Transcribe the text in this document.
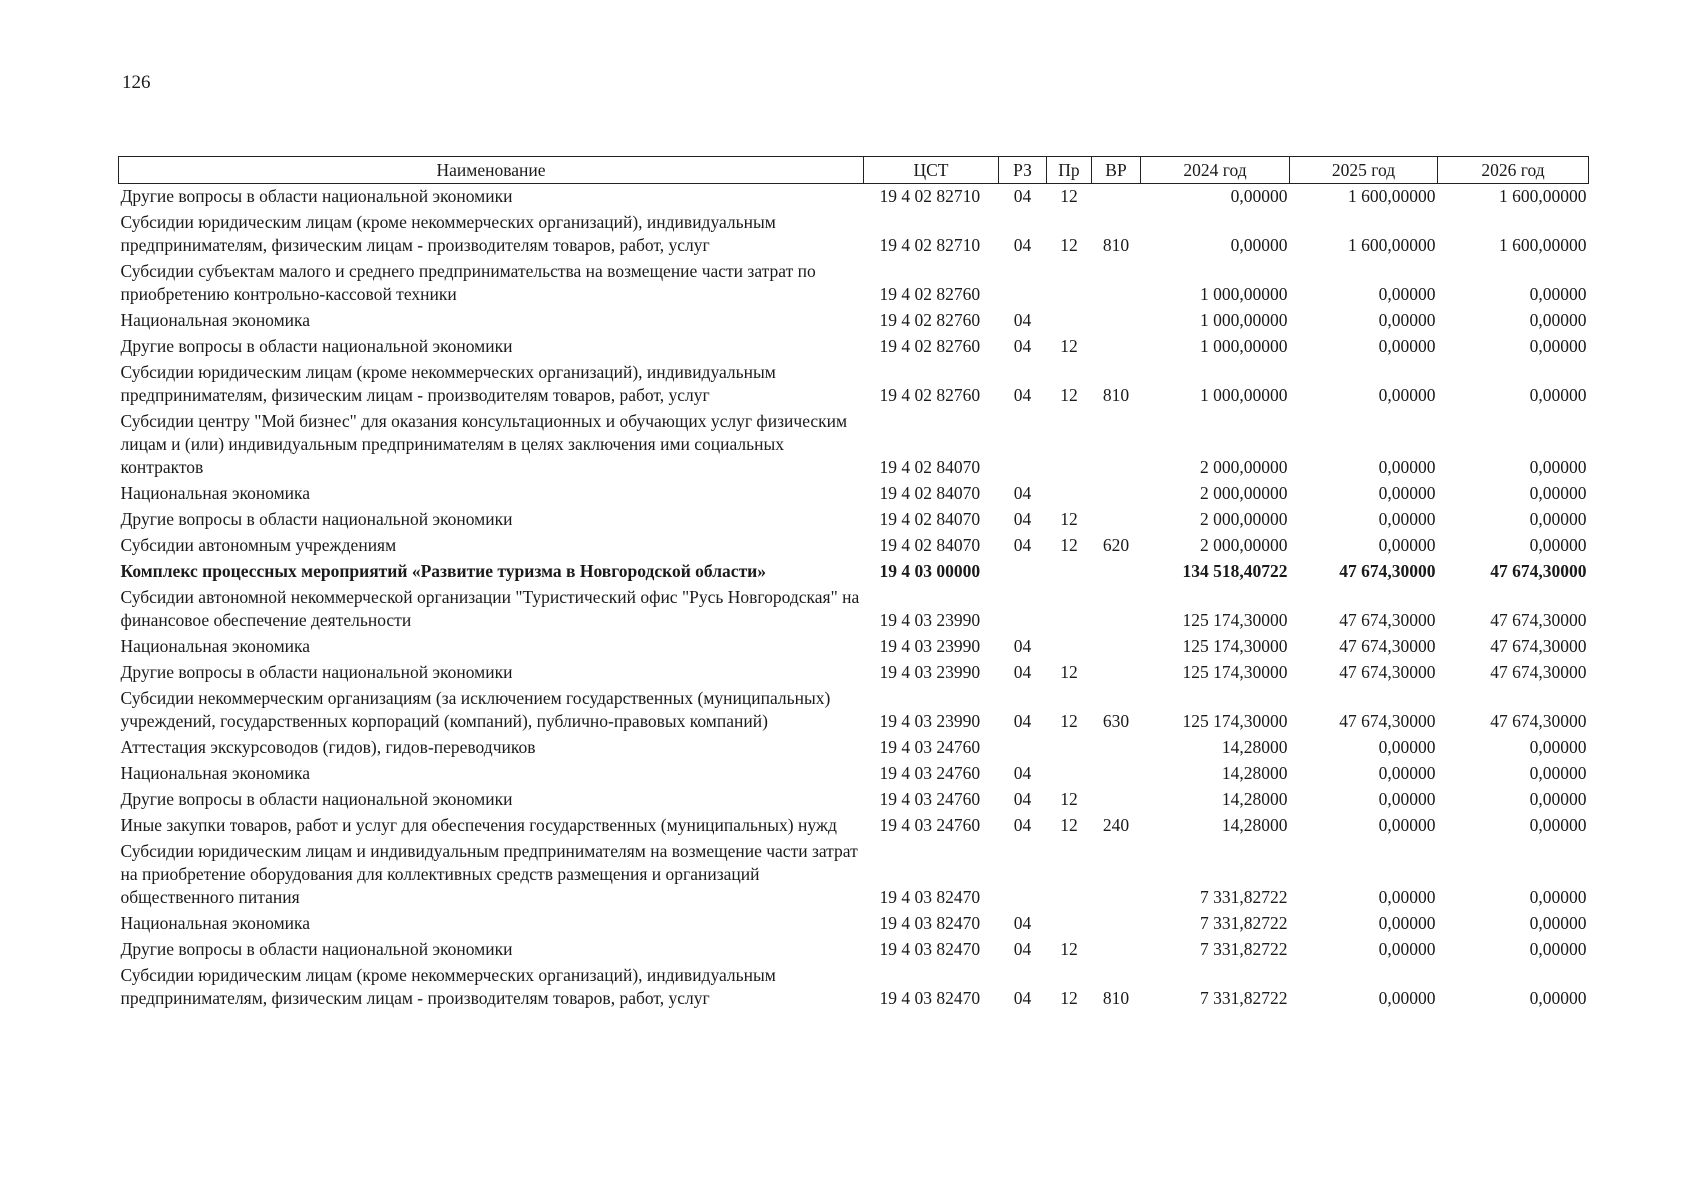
126
Наименование	ЦСТ	РЗ	Пр	ВР	2024 год	2025 год	2026 год
Другие вопросы в области национальной экономики	19 4 02 82710	04	12		0,00000	1 600,00000	1 600,00000
Субсидии юридическим лицам (кроме некоммерческих организаций), индивидуальным предпринимателям, физическим лицам - производителям товаров, работ, услуг	19 4 02 82710	04	12	810	0,00000	1 600,00000	1 600,00000
Субсидии субъектам малого и среднего предпринимательства на возмещение части затрат по приобретению контрольно-кассовой техники	19 4 02 82760				1 000,00000	0,00000	0,00000
Национальная экономика	19 4 02 82760	04			1 000,00000	0,00000	0,00000
Другие вопросы в области национальной экономики	19 4 02 82760	04	12		1 000,00000	0,00000	0,00000
Субсидии юридическим лицам (кроме некоммерческих организаций), индивидуальным предпринимателям, физическим лицам - производителям товаров, работ, услуг	19 4 02 82760	04	12	810	1 000,00000	0,00000	0,00000
Субсидии центру "Мой бизнес" для оказания консультационных и обучающих услуг физическим лицам и (или) индивидуальным предпринимателям в целях заключения ими социальных контрактов	19 4 02 84070				2 000,00000	0,00000	0,00000
Национальная экономика	19 4 02 84070	04			2 000,00000	0,00000	0,00000
Другие вопросы в области национальной экономики	19 4 02 84070	04	12		2 000,00000	0,00000	0,00000
Субсидии автономным учреждениям	19 4 02 84070	04	12	620	2 000,00000	0,00000	0,00000
Комплекс процессных мероприятий «Развитие туризма в Новгородской области»	19 4 03 00000				134 518,40722	47 674,30000	47 674,30000
Субсидии автономной некоммерческой организации "Туристический офис "Русь Новгородская" на финансовое обеспечение деятельности	19 4 03 23990				125 174,30000	47 674,30000	47 674,30000
Национальная экономика	19 4 03 23990	04			125 174,30000	47 674,30000	47 674,30000
Другие вопросы в области национальной экономики	19 4 03 23990	04	12		125 174,30000	47 674,30000	47 674,30000
Субсидии некоммерческим организациям (за исключением государственных (муниципальных) учреждений, государственных корпораций (компаний), публично-правовых компаний)	19 4 03 23990	04	12	630	125 174,30000	47 674,30000	47 674,30000
Аттестация экскурсоводов (гидов), гидов-переводчиков	19 4 03 24760				14,28000	0,00000	0,00000
Национальная экономика	19 4 03 24760	04			14,28000	0,00000	0,00000
Другие вопросы в области национальной экономики	19 4 03 24760	04	12		14,28000	0,00000	0,00000
Иные закупки товаров, работ и услуг для обеспечения государственных (муниципальных) нужд	19 4 03 24760	04	12	240	14,28000	0,00000	0,00000
Субсидии юридическим лицам и индивидуальным предпринимателям на возмещение части затрат на приобретение оборудования для коллективных средств размещения и организаций общественного питания	19 4 03 82470				7 331,82722	0,00000	0,00000
Национальная экономика	19 4 03 82470	04			7 331,82722	0,00000	0,00000
Другие вопросы в области национальной экономики	19 4 03 82470	04	12		7 331,82722	0,00000	0,00000
Субсидии юридическим лицам (кроме некоммерческих организаций), индивидуальным предпринимателям, физическим лицам - производителям товаров, работ, услуг	19 4 03 82470	04	12	810	7 331,82722	0,00000	0,00000
